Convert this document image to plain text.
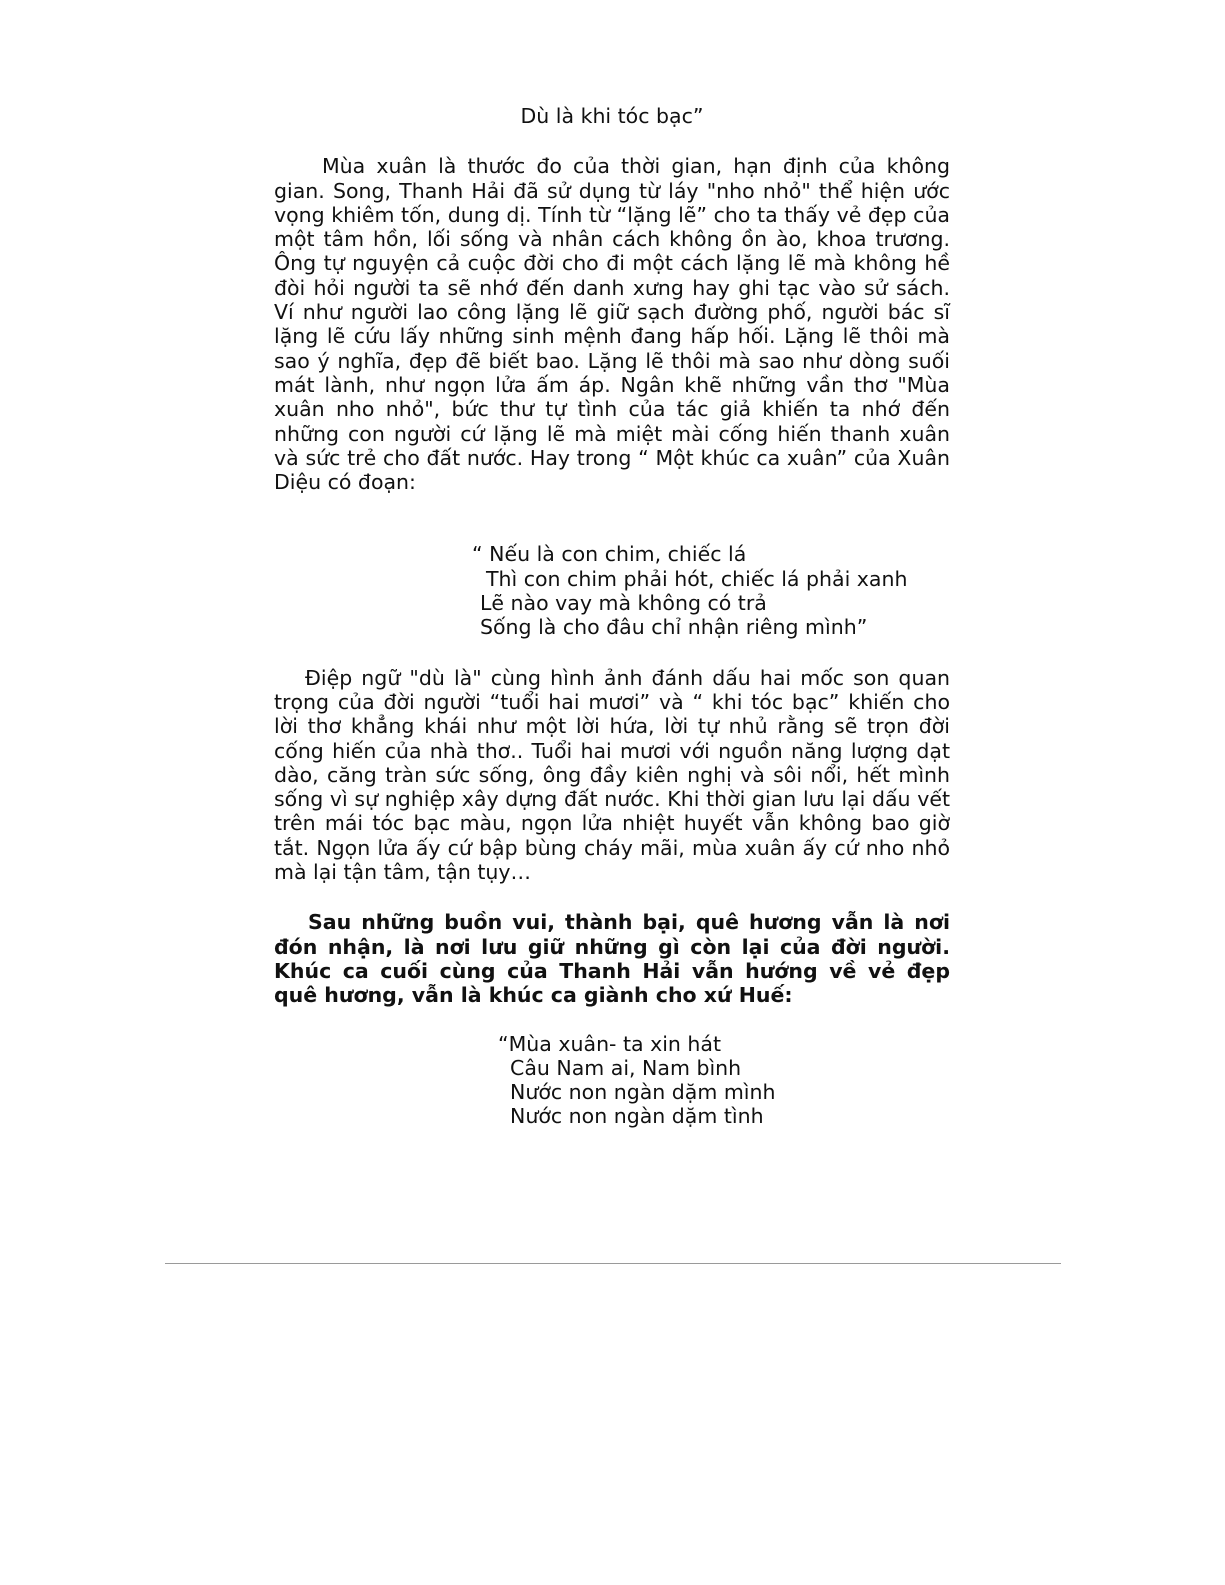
Dù là khi tóc bạc”

Mùa xuân là thước đo của thời gian, hạn định của không gian. Song, Thanh Hải đã sử dụng từ láy "nho nhỏ" thể hiện ước vọng khiêm tốn, dung dị. Tính từ “lặng lẽ” cho ta thấy vẻ đẹp của một tâm hồn, lối sống và nhân cách không ồn ào, khoa trương. Ông tự nguyện cả cuộc đời cho đi một cách lặng lẽ mà không hề đòi hỏi người ta sẽ nhớ đến danh xưng hay ghi tạc vào sử sách. Ví như người lao công lặng lẽ giữ sạch đường phố, người bác sĩ lặng lẽ cứu lấy những sinh mệnh đang hấp hối. Lặng lẽ thôi mà sao ý nghĩa, đẹp đẽ biết bao. Lặng lẽ thôi mà sao như dòng suối mát lành, như ngọn lửa ấm áp. Ngân khẽ những vần thơ "Mùa xuân nho nhỏ", bức thư tự tình của tác giả khiến ta nhớ đến những con người cứ lặng lẽ mà miệt mài cống hiến thanh xuân và sức trẻ cho đất nước. Hay trong “ Một khúc ca xuân” của Xuân Diệu có đoạn:

“ Nếu là con chim, chiếc lá
Thì con chim phải hót, chiếc lá phải xanh
Lẽ nào vay mà không có trả
Sống là cho đâu chỉ nhận riêng mình”

Điệp ngữ "dù là" cùng hình ảnh đánh dấu hai mốc son quan trọng của đời người “tuổi hai mươi” và “ khi tóc bạc” khiến cho lời thơ khẳng khái như một lời hứa, lời tự nhủ rằng sẽ trọn đời cống hiến của nhà thơ.. Tuổi hai mươi với nguồn năng lượng dạt dào, căng tràn sức sống, ông đầy kiên nghị và sôi nổi, hết mình sống vì sự nghiệp xây dựng đất nước. Khi thời gian lưu lại dấu vết trên mái tóc bạc màu, ngọn lửa nhiệt huyết vẫn không bao giờ tắt. Ngọn lửa ấy cứ bập bùng cháy mãi, mùa xuân ấy cứ nho nhỏ mà lại tận tâm, tận tụy…

Sau những buồn vui, thành bại, quê hương vẫn là nơi đón nhận, là nơi lưu giữ những gì còn lại của đời người. Khúc ca cuối cùng của Thanh Hải vẫn hướng về vẻ đẹp quê hương, vẫn là khúc ca giành cho xứ Huế:

“Mùa xuân- ta xin hát
Câu Nam ai, Nam bình
Nước non ngàn dặm mình
Nước non ngàn dặm tình
